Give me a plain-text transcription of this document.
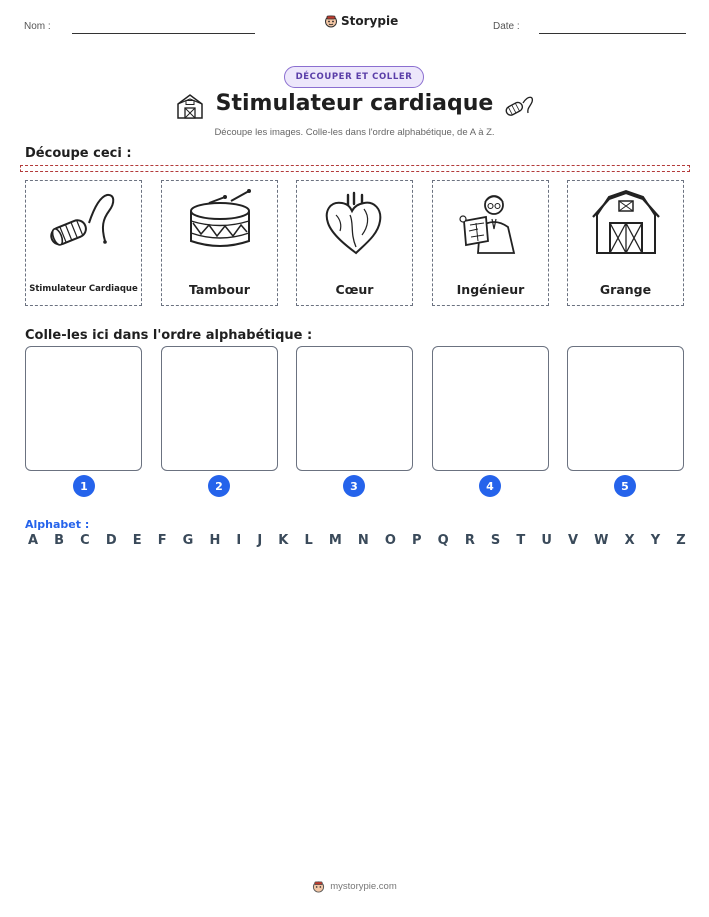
Nom :	Storypie	Date :
DÉCOUPER ET COLLER
Stimulateur cardiaque
Découpe les images. Colle-les dans l'ordre alphabétique, de A à Z.
Découpe ceci :
Stimulateur Cardiaque	Tambour	Cœur	Ingénieur	Grange
Colle-les ici dans l'ordre alphabétique :
1	2	3	4	5
Alphabet :
A B C D E F G H I J K L M N O P Q R S T U V W X Y Z
mystorypie.com
